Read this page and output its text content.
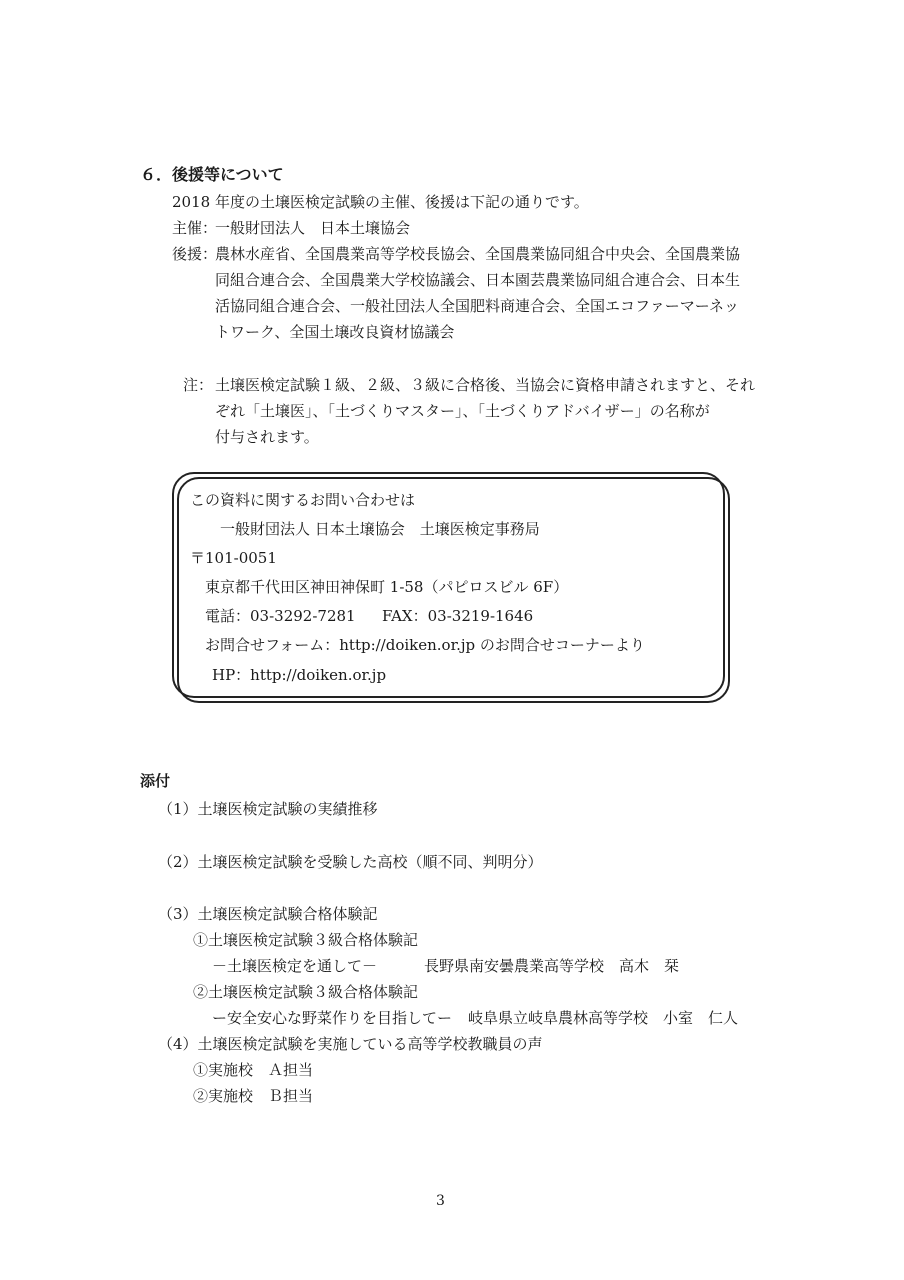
６．後援等について
2018 年度の土壌医検定試験の主催、後援は下記の通りです。
主催：
一般財団法人　日本土壌協会
後援：
農林水産省、全国農業高等学校長協会、全国農業協同組合中央会、全国農業協
同組合連合会、全国農業大学校協議会、日本園芸農業協同組合連合会、日本生
活協同組合連合会、一般社団法人全国肥料商連合会、全国エコファーマーネッ
トワーク、全国土壌改良資材協議会
注： 土壌医検定試験１級、２級、３級に合格後、当協会に資格申請されますと、それ
ぞれ「土壌医」、「土づくりマスター」、「土づくりアドバイザー」の名称が
付与されます。
この資料に関するお問い合わせは
一般財団法人 日本土壌協会　土壌医検定事務局
〒101-0051
東京都千代田区神田神保町 1-58（パピロスビル 6F）
電話：03-3292-7281 FAX：03-3219-1646
お問合せフォーム：http://doiken.or.jp のお問合せコーナーより
HP：http://doiken.or.jp
添付
（1）土壌医検定試験の実績推移
（2）土壌医検定試験を受験した高校（順不同、判明分）
（3）土壌医検定試験合格体験記
①土壌医検定試験３級合格体験記
－土壌医検定を通して－	長野県南安曇農業高等学校　高木　栞
②土壌医検定試験３級合格体験記
ー安全安心な野菜作りを目指してー 岐阜県立岐阜農林高等学校　小室　仁人
（4）土壌医検定試験を実施している高等学校教職員の声
①実施校　Ａ担当
②実施校　Ｂ担当
3
